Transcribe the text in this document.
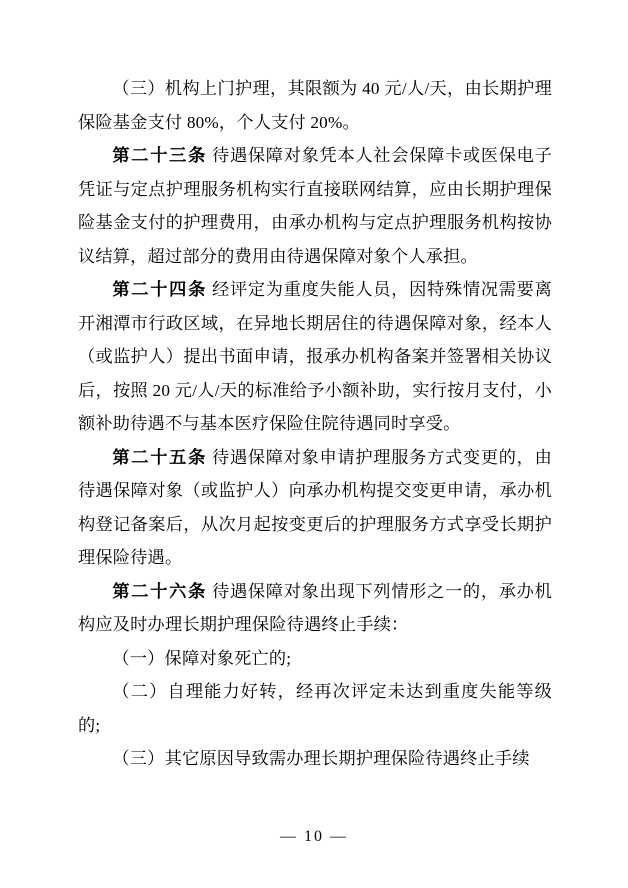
（三）机构上门护理，其限额为 40 元/人/天，由长期护理保险基金支付 80%，个人支付 20%。

第二十三条 待遇保障对象凭本人社会保障卡或医保电子凭证与定点护理服务机构实行直接联网结算，应由长期护理保险基金支付的护理费用，由承办机构与定点护理服务机构按协议结算，超过部分的费用由待遇保障对象个人承担。

第二十四条 经评定为重度失能人员，因特殊情况需要离开湘潭市行政区域，在异地长期居住的待遇保障对象，经本人（或监护人）提出书面申请，报承办机构备案并签署相关协议后，按照 20 元/人/天的标准给予小额补助，实行按月支付，小额补助待遇不与基本医疗保险住院待遇同时享受。

第二十五条 待遇保障对象申请护理服务方式变更的，由待遇保障对象（或监护人）向承办机构提交变更申请，承办机构登记备案后，从次月起按变更后的护理服务方式享受长期护理保险待遇。

第二十六条 待遇保障对象出现下列情形之一的，承办机构应及时办理长期护理保险待遇终止手续：

（一）保障对象死亡的;

（二）自理能力好转，经再次评定未达到重度失能等级的;

（三）其它原因导致需办理长期护理保险待遇终止手续

— 10 —
